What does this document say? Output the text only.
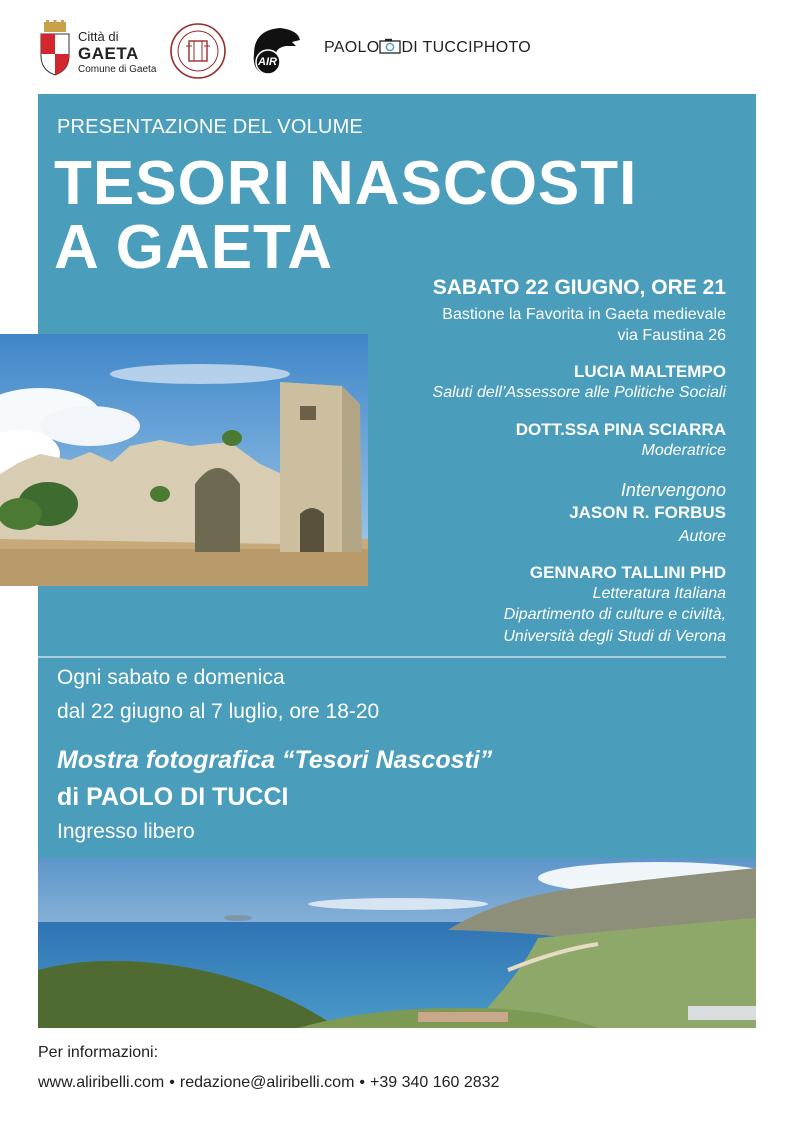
Città di
GAETA
Comune di Gaeta
AIR
PAOLO DI TUCCIPHOTO
PRESENTAZIONE DEL VOLUME
TESORI NASCOSTI
A GAETA
SABATO 22 GIUGNO, ORE 21
Bastione la Favorita in Gaeta medievale
via Faustina 26
LUCIA MALTEMPO
Saluti dell’Assessore alle Politiche Sociali
DOTT.SSA PINA SCIARRA
Moderatrice
Intervengono
JASON R. FORBUS
Autore
GENNARO TALLINI PHD
Letteratura Italiana
Dipartimento di culture e civiltà,
Università degli Studi di Verona
Ogni sabato e domenica
dal 22 giugno al 7 luglio, ore 18-20
Mostra fotografica “Tesori Nascosti”
di PAOLO DI TUCCI
Ingresso libero
Per informazioni:
www.aliribelli.com • redazione@aliribelli.com • +39 340 160 2832
